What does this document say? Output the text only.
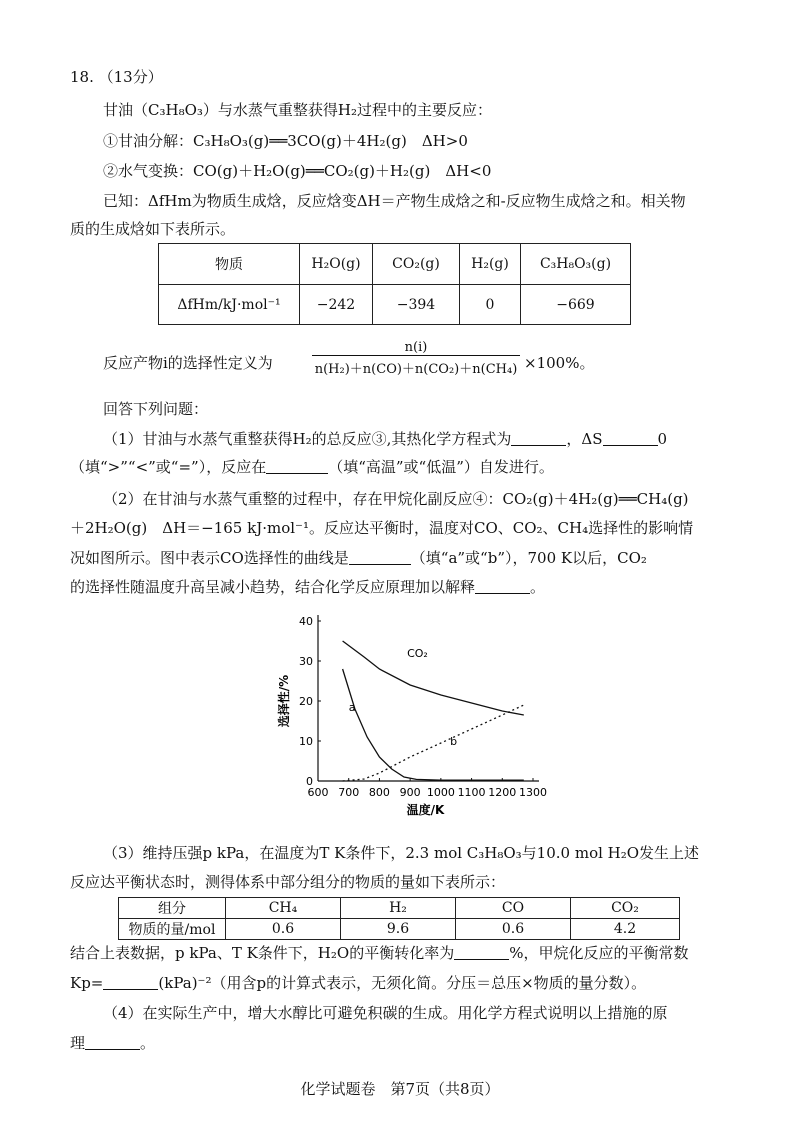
18. （13分）
甘油（C₃H₈O₃）与水蒸气重整获得H₂过程中的主要反应：
①甘油分解：C₃H₈O₃(g)══3CO(g)＋4H₂(g)　ΔH>0
②水气变换：CO(g)＋H₂O(g)══CO₂(g)＋H₂(g)　ΔH<0
已知：ΔfHm为物质生成焓，反应焓变ΔH＝产物生成焓之和-反应物生成焓之和。相关物
质的生成焓如下表所示。
物质	H₂O(g)	CO₂(g)	H₂(g)	C₃H₈O₃(g)
ΔfHm/kJ·mol⁻¹	−242	−394	0	−669
反应产物i的选择性定义为	$\frac{n(i)}{\text{n(H₂)＋n(CO)＋n(CO₂)＋n(CH₄)}} \times 100\%$。
回答下列问题：
（1）甘油与水蒸气重整获得H₂的总反应③,其热化学方程式为	，ΔS	0
（填“>”“<”或“=”），反应在	（填“高温”或“低温”）自发进行。
（2）在甘油与水蒸气重整的过程中，存在甲烷化副反应④：CO₂(g)＋4H₂(g)══CH₄(g)
＋2H₂O(g)　ΔH＝−165 kJ·mol⁻¹。反应达平衡时，温度对CO、CO₂、CH₄选择性的影响情
况如图所示。图中表示CO选择性的曲线是	（填“a”或“b”），700 K以后，CO₂
的选择性随温度升高呈减小趋势，结合化学反应原理加以解释	。
600 700 800 900 1000 1100 1200 1300
0
10
20
30
40
温度/K
选择性/%
CO₂
a
b
（3）维持压强p kPa，在温度为T K条件下，2.3 mol C₃H₈O₃与10.0 mol H₂O发生上述
反应达平衡状态时，测得体系中部分组分的物质的量如下表所示：
组分	CH₄	H₂	CO	CO₂
物质的量/mol	0.6	9.6	0.6	4.2
结合上表数据，p kPa、T K条件下，H₂O的平衡转化率为	%，甲烷化反应的平衡常数
Kp=	(kPa)⁻²（用含p的计算式表示，无须化简。分压＝总压×物质的量分数）。
（4）在实际生产中，增大水醇比可避免积碳的生成。用化学方程式说明以上措施的原
理	。
化学试题卷　第7页（共8页）
